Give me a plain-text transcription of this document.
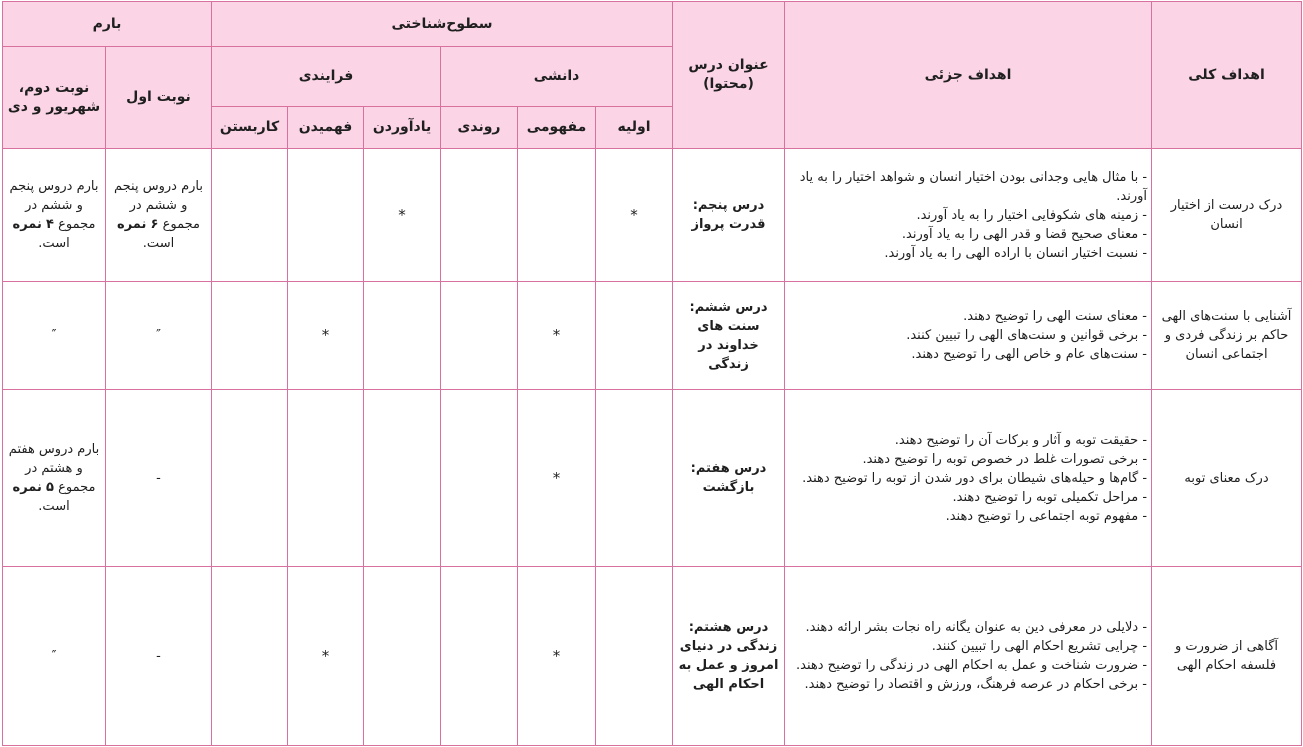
اهداف کلی	اهداف جزئی	عنوان درس (محتوا)	سطوح‌شناختی						بارم	
			دانشی			فرایندی			نوبت اول	نوبت دوم، شهریور و دی
			اولیه	مفهومی	روندی	یادآوردن	فهمیدن	کاربستن		
درک درست از اختیار انسان	- با مثال هایی وجدانی بودن اختیار انسان و شواهد اختیار را به یاد آورند.
- زمینه های شکوفایی اختیار را به یاد آورند.
- معنای صحیح قضا و قدر الهی را به یاد آورند.
- نسبت اختیار انسان با اراده الهی را به یاد آورند.	درس پنجم: قدرت پرواز	*			*			بارم دروس پنجم و ششم در مجموع ۶ نمره است.	بارم دروس پنجم و ششم در مجموع ۴ نمره است.
آشنایی با سنت‌های الهی حاکم بر زندگی فردی و اجتماعی انسان	- معنای سنت الهی را توضیح دهند.
- برخی قوانین و سنت‌های الهی را تبیین کنند.
- سنت‌های عام و خاص الهی را توضیح دهند.	درس ششم: سنت های خداوند در زندگی		*			*		″	″
درک معنای توبه	- حقیقت توبه و آثار و برکات آن را توضیح دهند.
- برخی تصورات غلط در خصوص توبه را توضیح دهند.
- گام‌ها و حیله‌های شیطان برای دور شدن از توبه را توضیح دهند.
- مراحل تکمیلی توبه را توضیح دهند.
- مفهوم توبه اجتماعی را توضیح دهند.	درس هفتم: بازگشت		*					-	بارم دروس هفتم و هشتم در مجموع ۵ نمره است.
آگاهی از ضرورت و فلسفه احکام الهی	- دلایلی در معرفی دین به عنوان یگانه راه نجات بشر ارائه دهند.
- چرایی تشریع احکام الهی را تبیین کنند.
- ضرورت شناخت و عمل به احکام الهی در زندگی را توضیح دهند.
- برخی احکام در عرصه فرهنگ، ورزش و اقتصاد را توضیح دهند.	درس هشتم: زندگی در دنیای امروز و عمل به احکام الهی		*			*		-	″
